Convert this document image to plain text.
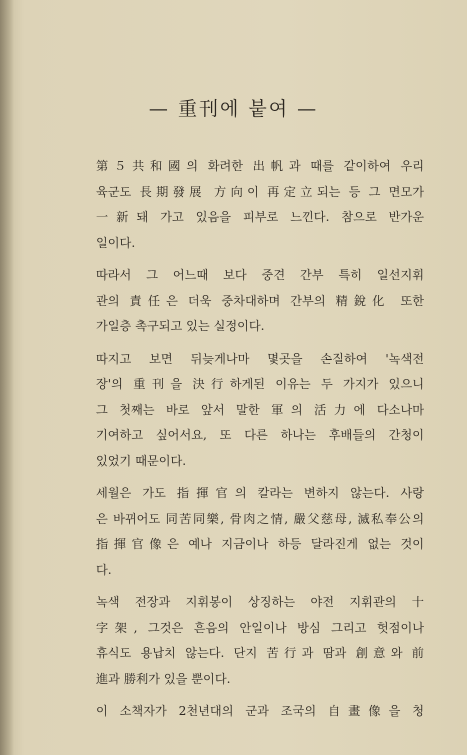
— 重刊에 붙여 —

第５共和國의 화려한 出帆과 때를 같이하여 우리
육군도 長期發展 方向이 再定立되는 등 그 면모가
一新돼 가고 있음을 피부로 느낀다. 참으로 반가운
일이다.

따라서 그 어느때 보다 중견 간부 특히 일선지휘
관의 責任은 더욱 중차대하며 간부의 精銳化 또한
가일층 촉구되고 있는 실정이다.

따지고 보면 뒤늦게나마 몇곳을 손질하여 '녹색전
장'의 重刊을 決行하게된 이유는 두 가지가 있으니
그 첫째는 바로 앞서 말한 軍의 活力에 다소나마
기여하고 싶어서요, 또 다른 하나는 후배들의 간청이
있었기 때문이다.

세월은 가도 指揮官의 칼라는 변하지 않는다. 사랑
은 바뀌어도 同苦同樂, 骨肉之情, 嚴父慈母, 滅私奉公의
指揮官像은 예나 지금이나 하등 달라진게 없는 것이
다.

녹색 전장과 지휘봉이 상징하는 야전 지휘관의 十
字架, 그것은 흔음의 안일이나 방심 그리고 헛점이나
휴식도 용납치 않는다. 단지 苦行과 땀과 創意와 前
進과 勝利가 있을 뿐이다.

이 소책자가 2천년대의 군과 조국의 自畫像을 청
